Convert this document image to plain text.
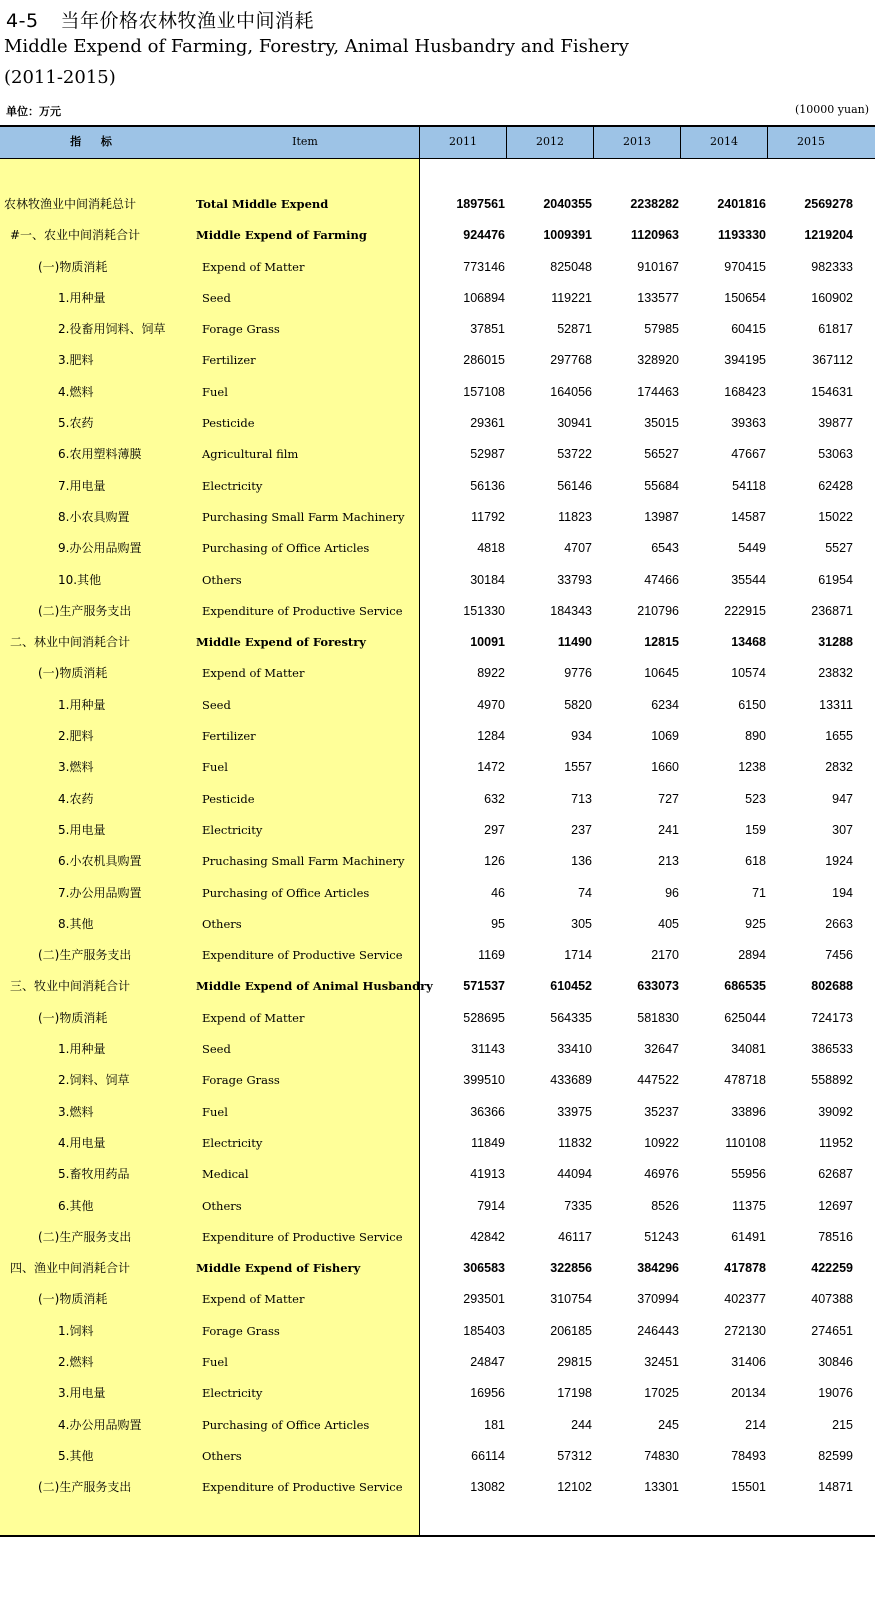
4-5 当年价格农林牧渔业中间消耗
Middle Expend of Farming, Forestry, Animal Husbandry and Fishery
(2011-2015)
单位：万元	(10000 yuan)
指 标	Item	2011	2012	2013	2014	2015
农林牧渔业中间消耗总计	Total Middle Expend	1897561	2040355	2238282	2401816	2569278
#一、农业中间消耗合计	Middle Expend of Farming	924476	1009391	1120963	1193330	1219204
(一)物质消耗	Expend of Matter	773146	825048	910167	970415	982333
1.用种量	Seed	106894	119221	133577	150654	160902
2.役畜用饲料、饲草	Forage Grass	37851	52871	57985	60415	61817
3.肥料	Fertilizer	286015	297768	328920	394195	367112
4.燃料	Fuel	157108	164056	174463	168423	154631
5.农药	Pesticide	29361	30941	35015	39363	39877
6.农用塑料薄膜	Agricultural film	52987	53722	56527	47667	53063
7.用电量	Electricity	56136	56146	55684	54118	62428
8.小农具购置	Purchasing Small Farm Machinery	11792	11823	13987	14587	15022
9.办公用品购置	Purchasing of Office Articles	4818	4707	6543	5449	5527
10.其他	Others	30184	33793	47466	35544	61954
(二)生产服务支出	Expenditure of Productive Service	151330	184343	210796	222915	236871
二、林业中间消耗合计	Middle Expend of Forestry	10091	11490	12815	13468	31288
(一)物质消耗	Expend of Matter	8922	9776	10645	10574	23832
1.用种量	Seed	4970	5820	6234	6150	13311
2.肥料	Fertilizer	1284	934	1069	890	1655
3.燃料	Fuel	1472	1557	1660	1238	2832
4.农药	Pesticide	632	713	727	523	947
5.用电量	Electricity	297	237	241	159	307
6.小农机具购置	Pruchasing Small Farm Machinery	126	136	213	618	1924
7.办公用品购置	Purchasing of Office Articles	46	74	96	71	194
8.其他	Others	95	305	405	925	2663
(二)生产服务支出	Expenditure of Productive Service	1169	1714	2170	2894	7456
三、牧业中间消耗合计	Middle Expend of Animal Husbandry	571537	610452	633073	686535	802688
(一)物质消耗	Expend of Matter	528695	564335	581830	625044	724173
1.用种量	Seed	31143	33410	32647	34081	386533
2.饲料、饲草	Forage Grass	399510	433689	447522	478718	558892
3.燃料	Fuel	36366	33975	35237	33896	39092
4.用电量	Electricity	11849	11832	10922	110108	11952
5.畜牧用药品	Medical	41913	44094	46976	55956	62687
6.其他	Others	7914	7335	8526	11375	12697
(二)生产服务支出	Expenditure of Productive Service	42842	46117	51243	61491	78516
四、渔业中间消耗合计	Middle Expend of Fishery	306583	322856	384296	417878	422259
(一)物质消耗	Expend of Matter	293501	310754	370994	402377	407388
1.饲料	Forage Grass	185403	206185	246443	272130	274651
2.燃料	Fuel	24847	29815	32451	31406	30846
3.用电量	Electricity	16956	17198	17025	20134	19076
4.办公用品购置	Purchasing of Office Articles	181	244	245	214	215
5.其他	Others	66114	57312	74830	78493	82599
(二)生产服务支出	Expenditure of Productive Service	13082	12102	13301	15501	14871
